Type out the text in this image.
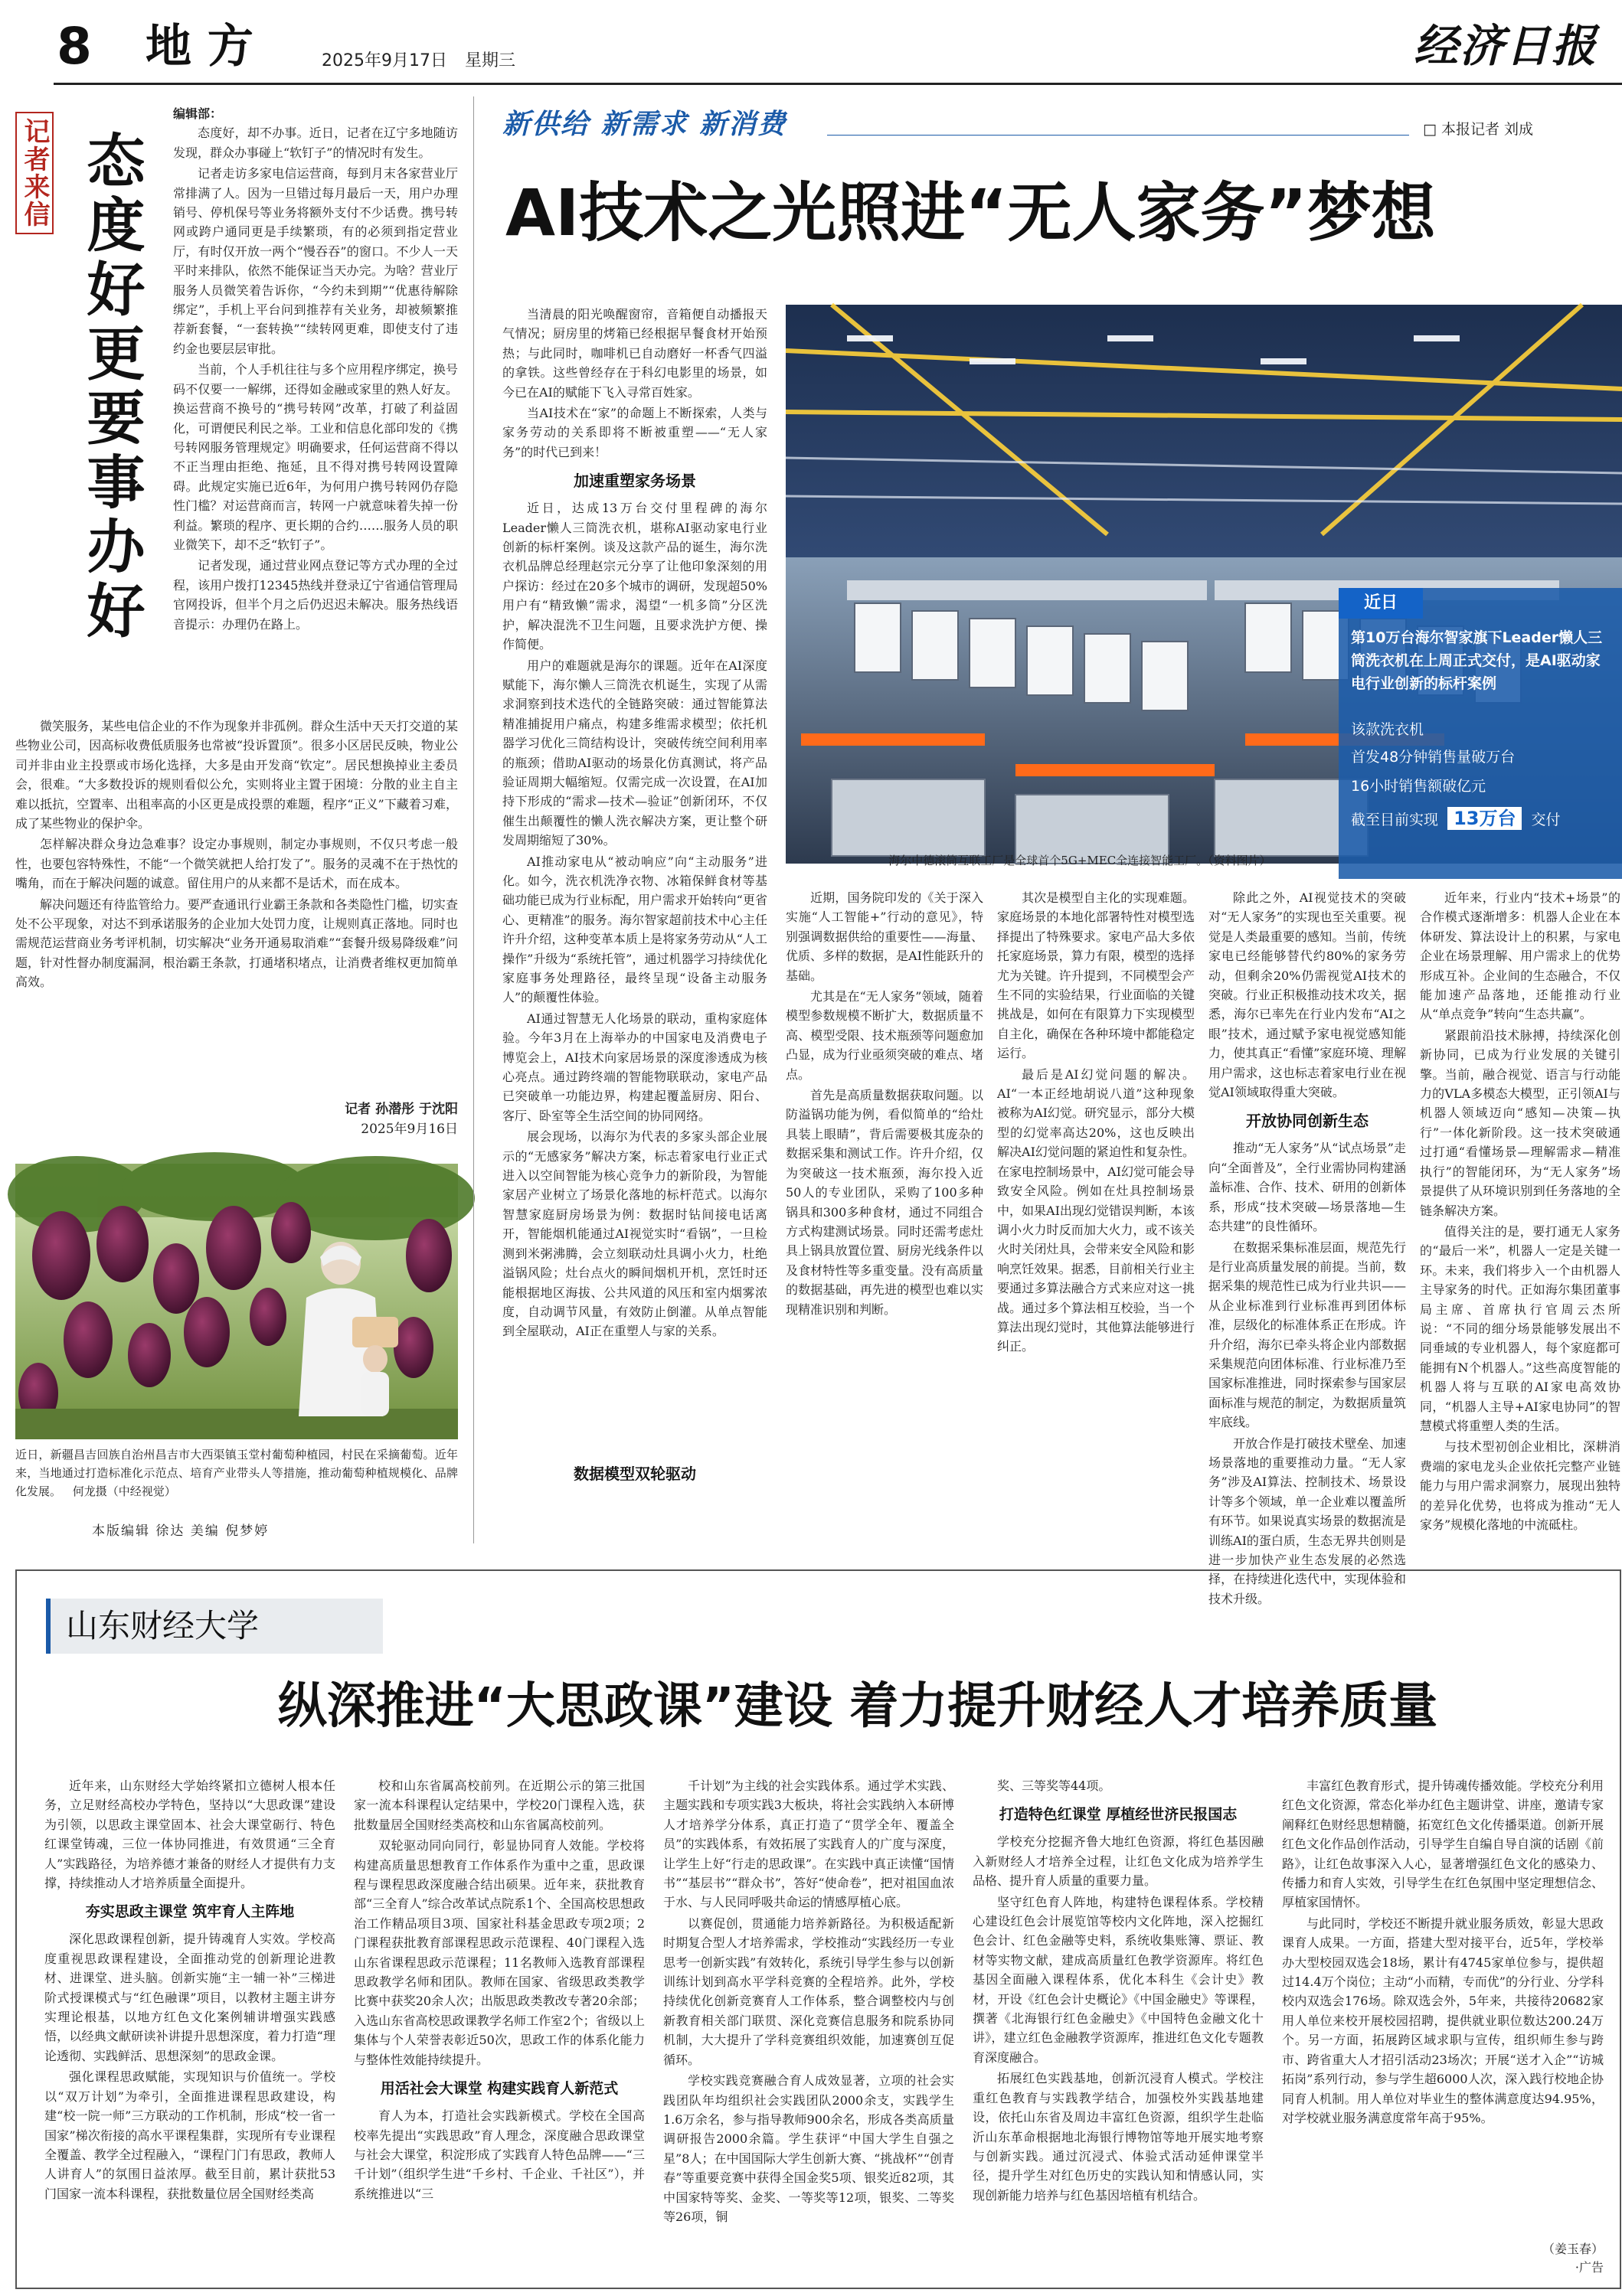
8 地 方	2025年9月17日 星期三	经济日报
记者来信 态度好更要事办好
编辑部：

态度好，却不办事。近日，记者在辽宁多地随访发现，群众办事碰上“软钉子”的情况时有发生。

记者走访多家电信运营商，每到月末各家营业厅常排满了人。因为一旦错过每月最后一天，用户办理销号、停机保号等业务将额外支付不少话费。携号转网或跨户通同更是手续繁琐，有的必须到指定营业厅，有时仅开放一两个“慢吞吞”的窗口。不少人一天平时来排队，依然不能保证当天办完。为啥？营业厅服务人员微笑着告诉你，“今约未到期”“优惠待解除绑定”，手机上平台问到推荐有关业务，却被频繁推荐新套餐，“一套转换”“续转网更难，即使支付了违约金也要层层审批。

当前，个人手机往往与多个应用程序绑定，换号码不仅要一一解绑，还得如金融或家里的熟人好友。换运营商不换号的“携号转网”改革，打破了利益固化，可谓便民利民之举。工业和信息化部印发的《携号转网服务管理规定》明确要求，任何运营商不得以不正当理由拒绝、拖延，且不得对携号转网设置障碍。此规定实施已近6年，为何用户携号转网仍存隐性门槛？对运营商而言，转网一户就意味着失掉一份利益。繁琐的程序、更长期的合约……服务人员的职业微笑下，却不乏“软钉子”。

记者发现，通过营业网点登记等方式办理的全过程，该用户拨打12345热线并登录辽宁省通信管理局官网投诉，但半个月之后仍迟迟未解决。服务热线语音提示：办理仍在路上。

微笑服务，某些电信企业的不作为现象并非孤例。群众生活中天天打交道的某些物业公司，因高标收费低质服务也常被“投诉置顶”。很多小区居民反映，物业公司并非由业主投票或市场化选择，大多是由开发商“钦定”。居民想换掉业主委员会，很难。“大多数投诉的规则看似公允，实则将业主置于困境：分散的业主自主难以抵抗，空置率、出租率高的小区更是成投票的难题，程序“正义”下藏着习难，成了某些物业的保护伞。

怎样解决群众身边急难事？设定办事规则，制定办事规则，不仅只考虑一般性，也要包容特殊性，不能“一个微笑就把人给打发了”。服务的灵魂不在于热忱的嘴角，而在于解决问题的诚意。留住用户的从来都不是话术，而在成本。

解决问题还有待监管给力。要严查通讯行业霸王条款和各类隐性门槛，切实查处不公平现象，对达不到承诺服务的企业加大处罚力度，让规则真正落地。同时也需规范运营商业务考评机制，切实解决“业务开通易取消难”“套餐升级易降级难”问题，针对性督办制度漏洞，根治霸王条款，打通堵积堵点，让消费者维权更加简单高效。

记者 孙潜彤 于沈阳
2025年9月16日
近日，新疆昌吉回族自治州昌吉市大西渠镇玉堂村葡萄种植园，村民在采摘葡萄。近年来，当地通过打造标准化示范点、培育产业带头人等措施，推动葡萄种植规模化、品牌化发展。 何龙摄（中经视觉）
本版编辑 徐达 美编 倪梦婷
新供给 新需求 新消费	□ 本报记者 刘成
AI技术之光照进“无人家务”梦想

当清晨的阳光唤醒窗帘，音箱便自动播报天气情况；厨房里的烤箱已经根据早餐食材开始预热；与此同时，咖啡机已自动磨好一杯香气四溢的拿铁。这些曾经存在于科幻电影里的场景，如今已在AI的赋能下飞入寻常百姓家。

当AI技术在“家”的命题上不断探索，人类与家务劳动的关系即将不断被重塑——“无人家务”的时代已到来！

加速重塑家务场景

近日，达成13万台交付里程碑的海尔Leader懒人三筒洗衣机，堪称AI驱动家电行业创新的标杆案例。谈及这款产品的诞生，海尔洗衣机品牌总经理赵宗元分享了让他印象深刻的用户探访：经过在20多个城市的调研，发现超50%用户有“精致懒”需求，渴望“一机多筒”分区洗护，解决混洗不卫生问题，且要求洗护方便、操作简便。

用户的难题就是海尔的课题。近年在AI深度赋能下，海尔懒人三筒洗衣机诞生，实现了从需求洞察到技术迭代的全链路突破：通过智能算法精准捕捉用户痛点，构建多维需求模型；依托机器学习优化三筒结构设计，突破传统空间利用率的瓶颈；借助AI驱动的场景化仿真测试，将产品验证周期大幅缩短。仅需完成一次设置，在AI加持下形成的“需求—技术—验证”创新闭环，不仅催生出颠覆性的懒人洗衣解决方案，更让整个研发周期缩短了30%。

AI推动家电从“被动响应”向“主动服务”进化。如今，洗衣机洗净衣物、冰箱保鲜食材等基础功能已成为行业标配，用户需求开始转向“更省心、更精准”的服务。海尔智家超前技术中心主任许升介绍，这种变革本质上是将家务劳动从“人工操作”升级为“系统托管”，通过机器学习持续优化家庭事务处理路径，最终呈现“设备主动服务人”的颠覆性体验。

AI通过智慧无人化场景的联动，重构家庭体验。今年3月在上海举办的中国家电及消费电子博览会上，AI技术向家居场景的深度渗透成为核心亮点。通过跨终端的智能物联联动，家电产品已突破单一功能边界，构建起覆盖厨房、阳台、客厅、卧室等全生活空间的协同网络。

展会现场，以海尔为代表的多家头部企业展示的“无感家务”解决方案，标志着家电行业正式进入以空间智能为核心竞争力的新阶段，为智能家居产业树立了场景化落地的标杆范式。以海尔智慧家庭厨房场景为例：数据时钻间接电话离开，智能烟机能通过AI视觉实时“看锅”，一旦检测到米粥沸腾，会立刻联动灶具调小火力，杜绝溢锅风险；灶台点火的瞬间烟机开机，烹饪时还能根据地区海拔、公共风道的风压和室内烟雾浓度，自动调节风量，有效防止倒灌。从单点智能到全屋联动，AI正在重塑人与家的关系。

近日
第10万台海尔智家旗下Leader懒人三筒洗衣机在上周正式交付，是AI驱动家电行业创新的标杆案例
该款洗衣机
首发48分钟销售量破万台
16小时销售额破亿元
截至目前实现 13万台 交付
海尔中德滚筒互联工厂是全球首个5G+MEC全连接智能工厂。（资料图片）

近期，国务院印发的《关于深入实施“人工智能+”行动的意见》，特别强调数据供给的重要性——海量、优质、多样的数据，是AI性能跃升的基础。

尤其是在“无人家务”领域，随着模型参数规模不断扩大，数据质量不高、模型受限、技术瓶颈等问题愈加凸显，成为行业亟须突破的难点、堵点。

首先是高质量数据获取问题。以防溢锅功能为例，看似简单的“给灶具装上眼睛”，背后需要极其庞杂的数据采集和测试工作。许升介绍，仅为突破这一技术瓶颈，海尔投入近50人的专业团队，采购了100多种锅具和300多种食材，通过不同组合方式构建测试场景。同时还需考虑灶具上锅具放置位置、厨房光线条件以及食材特性等多重变量。没有高质量的数据基础，再先进的模型也难以实现精准识别和判断。

其次是模型自主化的实现难题。家庭场景的本地化部署特性对模型选择提出了特殊要求。家电产品大多依托家庭场景，算力有限，模型的选择尤为关键。许升提到，不同模型会产生不同的实验结果，行业面临的关键挑战是，如何在有限算力下实现模型自主化，确保在各种环境中都能稳定运行。

最后是AI幻觉问题的解决。AI“一本正经地胡说八道”这种现象被称为AI幻觉。研究显示，部分大模型的幻觉率高达20%，这也反映出解决AI幻觉问题的紧迫性和复杂性。在家电控制场景中，AI幻觉可能会导致安全风险。例如在灶具控制场景中，如果AI出现幻觉错误判断，本该调小火力时反而加大火力，或不该关火时关闭灶具，会带来安全风险和影响烹饪效果。据悉，目前相关行业主要通过多算法融合方式来应对这一挑战。通过多个算法相互校验，当一个算法出现幻觉时，其他算法能够进行纠正。

除此之外，AI视觉技术的突破对“无人家务”的实现也至关重要。视觉是人类最重要的感知。当前，传统家电已经能够替代约80%的家务劳动，但剩余20%仍需视觉AI技术的突破。行业正积极推动技术攻关，据悉，海尔已率先在行业内发布“AI之眼”技术，通过赋予家电视觉感知能力，使其真正“看懂”家庭环境、理解用户需求，这也标志着家电行业在视觉AI领域取得重大突破。

开放协同创新生态

推动“无人家务”从“试点场景”走向“全面普及”，全行业需协同构建涵盖标准、合作、技术、研用的创新体系，形成“技术突破—场景落地—生态共建”的良性循环。

在数据采集标准层面，规范先行是行业高质量发展的前提。当前，数据采集的规范性已成为行业共识——从企业标准到行业标准再到团体标准，层级化的标准体系正在形成。许升介绍，海尔已牵头将企业内部数据采集规范向团体标准、行业标准乃至国家标准推进，同时探索参与国家层面标准与规范的制定，为数据质量筑牢底线。

开放合作是打破技术壁垒、加速场景落地的重要推动力量。“无人家务”涉及AI算法、控制技术、场景设计等多个领域，单一企业难以覆盖所有环节。如果说真实场景的数据流是训练AI的蛋白质，生态无界共创则是进一步加快产业生态发展的必然选择，在持续进化迭代中，实现体验和技术升级。

近年来，行业内“技术+场景”的合作模式逐渐增多：机器人企业在本体研发、算法设计上的积累，与家电企业在场景理解、用户需求上的优势形成互补。企业间的生态融合，不仅能加速产品落地，还能推动行业从“单点竞争”转向“生态共赢”。

紧跟前沿技术脉搏，持续深化创新协同，已成为行业发展的关键引擎。当前，融合视觉、语言与行动能力的VLA多模态大模型，正引领AI与机器人领域迈向“感知—决策—执行”一体化新阶段。这一技术突破通过打通“看懂场景—理解需求—精准执行”的智能闭环，为“无人家务”场景提供了从环境识别到任务落地的全链条解决方案。

值得关注的是，要打通无人家务的“最后一米”，机器人一定是关键一环。未来，我们将步入一个由机器人主导家务的时代。正如海尔集团董事局主席、首席执行官周云杰所说：“不同的细分场景能够发展出不同垂域的专业机器人，每个家庭都可能拥有N个机器人。”这些高度智能的机器人将与互联的AI家电高效协同，“机器人主导+AI家电协同”的智慧模式将重塑人类的生活。

与技术型初创企业相比，深耕消费端的家电龙头企业依托完整产业链能力与用户需求洞察力，展现出独特的差异化优势，也将成为推动“无人家务”规模化落地的中流砥柱。

数据模型双轮驱动
山东财经大学
纵深推进“大思政课”建设 着力提升财经人才培养质量

近年来，山东财经大学始终紧扣立德树人根本任务，立足财经高校办学特色，坚持以“大思政课”建设为引领，以思政主课堂固本、社会大课堂砺行、特色红课堂铸魂，三位一体协同推进，有效贯通“三全育人”实践路径，为培养德才兼备的财经人才提供有力支撑，持续推动人才培养质量全面提升。

夯实思政主课堂 筑牢育人主阵地

深化思政课程创新，提升铸魂育人实效。学校高度重视思政课程建设，全面推动党的创新理论进教材、进课堂、进头脑。创新实施“主一辅一补”三梯进阶式授课模式与“红色融课”项目，以教材主题主讲夯实理论根基，以地方红色文化案例辅讲增强实践感悟，以经典文献研读补讲提升思想深度，着力打造“理论透彻、实践鲜活、思想深刻”的思政金课。

强化课程思政赋能，实现知识与价值统一。学校以“双万计划”为牵引，全面推进课程思政建设，构建“校一院一师”三方联动的工作机制，形成“校一省一国家”梯次衔接的高水平课程集群，实现所有专业课程全覆盖、教学全过程融入，“课程门门有思政，教师人人讲育人”的氛围日益浓厚。截至目前，累计获批53门国家一流本科课程，获批数量位居全国财经类高

校和山东省属高校前列。在近期公示的第三批国家一流本科课程认定结果中，学校20门课程入选，获批数量居全国财经类高校和山东省属高校前列。

双轮驱动同向同行，彰显协同育人效能。学校将构建高质量思想教育工作体系作为重中之重，思政课程与课程思政深度融合结出硕果。近年来，获批教育部“三全育人”综合改革试点院系1个、全国高校思想政治工作精品项目3项、国家社科基金思政专项2项；2门课程获批教育部课程思政示范课程、40门课程入选山东省课程思政示范课程；11名教师入选教育部课程思政教学名师和团队。教师在国家、省级思政类教学比赛中获奖20余人次；出版思政类教改专著20余部；入选山东省高校思政课教学名师工作室2个；省级以上集体与个人荣誉表彰近50次，思政工作的体系化能力与整体性效能持续提升。

用活社会大课堂 构建实践育人新范式

育人为本，打造社会实践新模式。学校在全国高校率先提出“实践思政”育人理念，深度融合思政课堂与社会大课堂，积淀形成了实践育人特色品牌——“三千计划”（组织学生进“千乡村、千企业、千社区”），并系统推进以“三

千计划”为主线的社会实践体系。通过学术实践、主题实践和专项实践3大板块，将社会实践纳入本研博人才培养学分体系，真正打造了“贯学全年、覆盖全员”的实践体系，有效拓展了实践育人的广度与深度，让学生上好“行走的思政课”。在实践中真正读懂“国情书”“基层书”“群众书”，答好“使命卷”，把对祖国血浓于水、与人民同呼吸共命运的情感厚植心底。

以赛促创，贯通能力培养新路径。为积极适配新时期复合型人才培养需求，学校推动“实践经历一专业思考一创新实践”有效转化，系统引导学生参与以创新训练计划到高水平学科竞赛的全程培养。此外，学校持续优化创新竞赛育人工作体系，整合调整校内与创新教育相关部门联贯、深化竞赛信息服务和院系协同机制，大大提升了学科竞赛组织效能，加速赛创互促循环。

学校实践竞赛融合育人成效显著，立项的社会实践团队年均组织社会实践团队2000余支，实践学生1.6万余名，参与指导教师900余名，形成各类高质量调研报告2000余篇。学生获评“中国大学生自强之星”8人；在中国国际大学生创新大赛、“挑战杯”“创青春”等重要竞赛中获得全国金奖5项、银奖近82项，其中国家特等奖、金奖、一等奖等12项，银奖、二等奖等26项，铜

奖、三等奖等44项。

打造特色红课堂 厚植经世济民报国志

学校充分挖掘齐鲁大地红色资源，将红色基因融入新财经人才培养全过程，让红色文化成为培养学生品格、提升育人质量的重要力量。

坚守红色育人阵地，构建特色课程体系。学校精心建设红色会计展览馆等校内文化阵地，深入挖掘红色会计、红色金融等史料，系统收集账簿、票证、教材等实物文献，建成高质量红色教学资源库。将红色基因全面融入课程体系，优化本科生《会计史》教材，开设《红色会计史概论》《中国金融史》等课程，撰著《北海银行红色金融史》《中国特色金融文化十讲》，建立红色金融教学资源库，推进红色文化专题教育深度融合。

拓展红色实践基地，创新沉浸育人模式。学校注重红色教育与实践教学结合，加强校外实践基地建设，依托山东省及周边丰富红色资源，组织学生赴临沂山东革命根据地北海银行博物馆等地开展实地考察与创新实践。通过沉浸式、体验式活动延伸课堂半径，提升学生对红色历史的实践认知和情感认同，实现创新能力培养与红色基因培植有机结合。

丰富红色教育形式，提升铸魂传播效能。学校充分利用红色文化资源，常态化举办红色主题讲堂、讲座，邀请专家阐释红色财经思想精髓，拓宽红色文化传播渠道。创新开展红色文化作品创作活动，引导学生自编自导自演的话剧《前路》，让红色故事深入人心，显著增强红色文化的感染力、传播力和育人实效，引导学生在红色氛围中坚定理想信念、厚植家国情怀。

与此同时，学校还不断提升就业服务质效，彰显大思政课育人成果。一方面，搭建大型对接平台，近5年，学校举办大型校园双选会18场，累计有4745家单位参与，提供超过14.4万个岗位；主动“小而精，专而优”的分行业、分学科校内双选会176场。除双选会外，5年来，共接待20682家用人单位来校开展校园招聘，提供就业职位数达200.24万个。另一方面，拓展跨区域求职与宣传，组织师生参与跨市、跨省重大人才招引活动23场次；开展“送才入企”“访城拓岗”系列行动，参与学生超6000人次，深入践行校地企协同育人机制。用人单位对毕业生的整体满意度达94.95%，对学校就业服务满意度常年高于95%。

（姜玉春）
·广告
